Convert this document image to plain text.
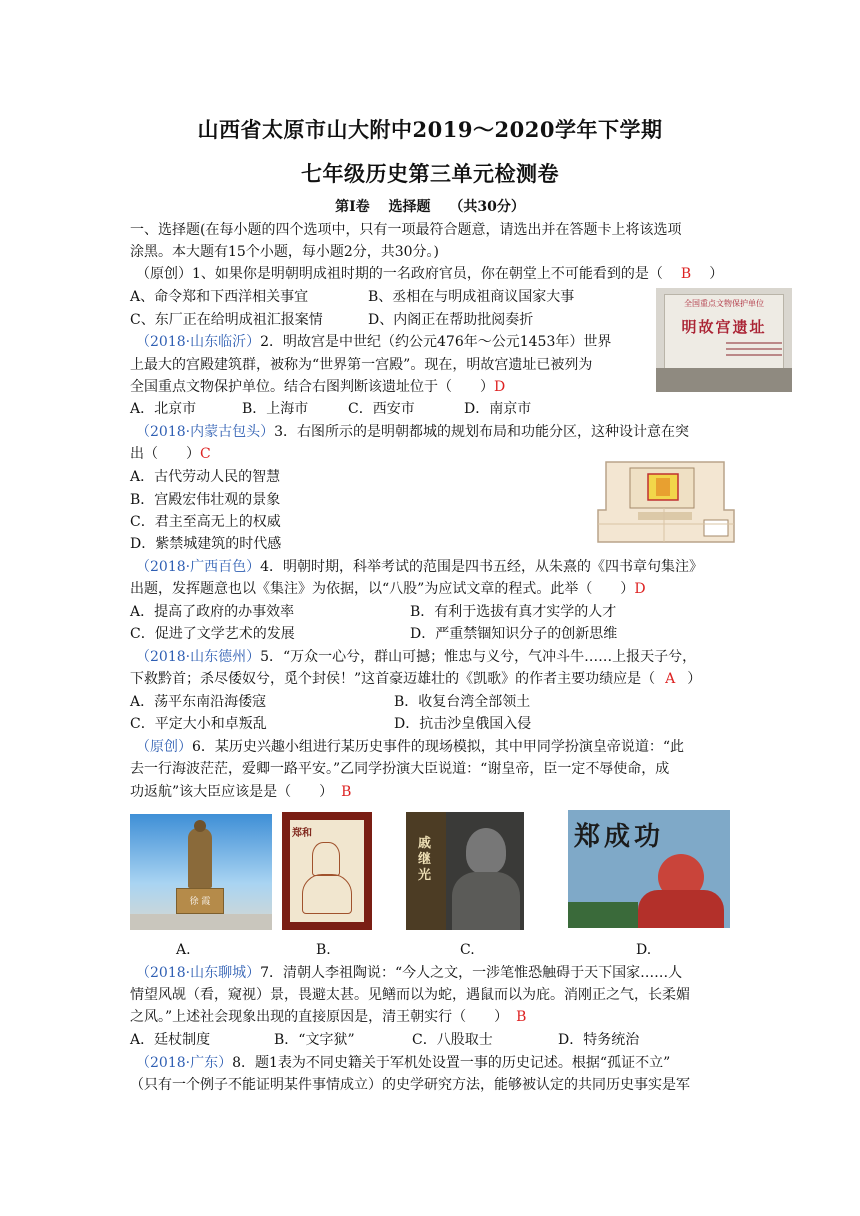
山西省太原市山大附中2019～2020学年下学期
七年级历史第三单元检测卷
第Ⅰ卷　 选择题　 （共30分）
一、选择题(在每小题的四个选项中，只有一项最符合题意，请选出并在答题卡上将该选项
涂黑。本大题有15个小题，每小题2分，共30分。)
（原创）1、如果你是明朝明成祖时期的一名政府官员，你在朝堂上不可能看到的是（ B ）
A、命令郑和下西洋相关事宜	B、丞相在与明成祖商议国家大事
C、东厂正在给明成祖汇报案情	D、内阁正在帮助批阅奏折
全国重点文物保护单位
明故宫遗址
（2018·山东临沂）2．明故宫是中世纪（约公元476年～公元1453年）世界
上最大的宫殿建筑群，被称为“世界第一宫殿”。现在，明故宫遗址已被列为
全国重点文物保护单位。结合右图判断该遗址位于（　　）D
A．北京市	B．上海市	C．西安市	D．南京市
（2018·内蒙古包头）3．右图所示的是明朝都城的规划布局和功能分区，这种设计意在突
出（　　）C
A．古代劳动人民的智慧
B．宫殿宏伟壮观的景象
C．君主至高无上的权威
D．紫禁城建筑的时代感
（2018·广西百色）4．明朝时期，科举考试的范围是四书五经，从朱熹的《四书章句集注》
出题，发挥题意也以《集注》为依据，以“八股”为应试文章的程式。此举（　　）D
A．提高了政府的办事效率	B．有利于选拔有真才实学的人才
C．促进了文学艺术的发展	D．严重禁锢知识分子的创新思维
（2018·山东德州）5．“万众一心兮，群山可撼；惟忠与义兮，气冲斗牛……上报天子兮，
下救黔首；杀尽倭奴兮，觅个封侯！”这首豪迈雄壮的《凯歌》的作者主要功绩应是（ A ）
A．荡平东南沿海倭寇	B．收复台湾全部领土
C．平定大小和卓叛乱	D．抗击沙皇俄国入侵
（原创）6．某历史兴趣小组进行某历史事件的现场模拟，其中甲同学扮演皇帝说道：“此
去一行海波茫茫，爱卿一路平安。”乙同学扮演大臣说道：“谢皇帝，臣一定不辱使命，成
功返航”该大臣应该是是（　　） B
徐 霞
郑和
戚继光
郑成功
A.	B.	C.	D.
（2018·山东聊城）7．清朝人李祖陶说：“今人之文，一涉笔惟恐触碍于天下国家……人
情望风觇（看，窥视）景，畏避太甚。见鳝而以为蛇，遇鼠而以为庇。消刚正之气，长柔媚
之风。”上述社会现象出现的直接原因是，清王朝实行（　　） B
A．廷杖制度	B．“文字狱”	C．八股取士	D．特务统治
（2018·广东）8．题1表为不同史籍关于军机处设置一事的历史记述。根据“孤证不立”
（只有一个例子不能证明某件事情成立）的史学研究方法，能够被认定的共同历史事实是军
